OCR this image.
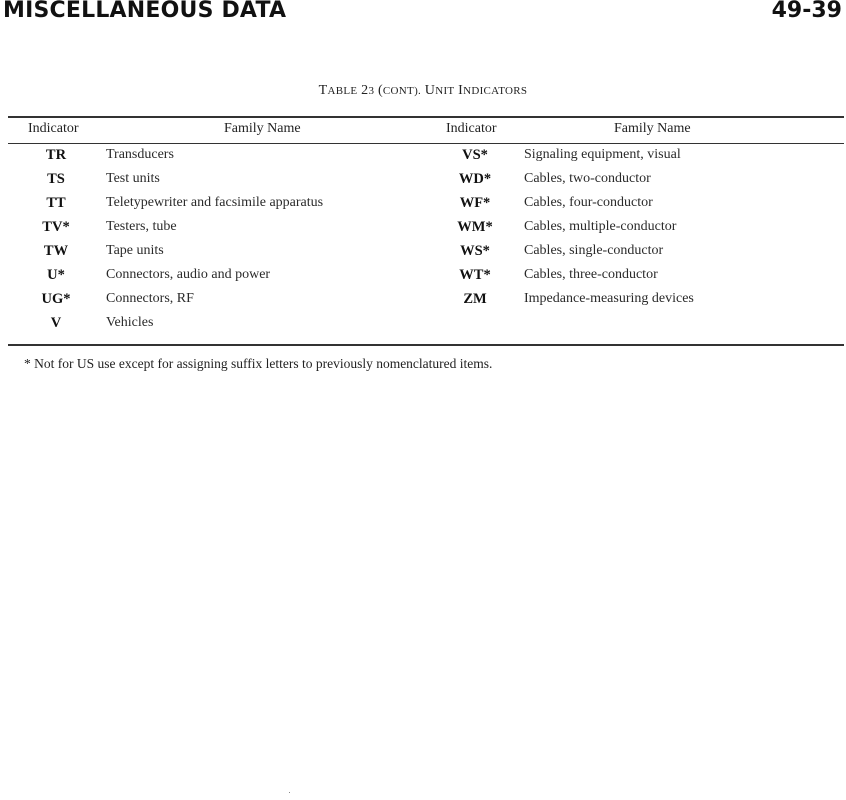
MISCELLANEOUS DATA	49-39
TABLE 23 (CONT). UNIT INDICATORS
Indicator	Family Name	Indicator	Family Name
TR	Transducers	VS*	Signaling equipment, visual
TS	Test units	WD*	Cables, two-conductor
TT	Teletypewriter and facsimile apparatus	WF*	Cables, four-conductor
TV*	Testers, tube	WM*	Cables, multiple-conductor
TW	Tape units	WS*	Cables, single-conductor
U*	Connectors, audio and power	WT*	Cables, three-conductor
UG*	Connectors, RF	ZM	Impedance-measuring devices
V	Vehicles
* Not for US use except for assigning suffix letters to previously nomenclatured items.
